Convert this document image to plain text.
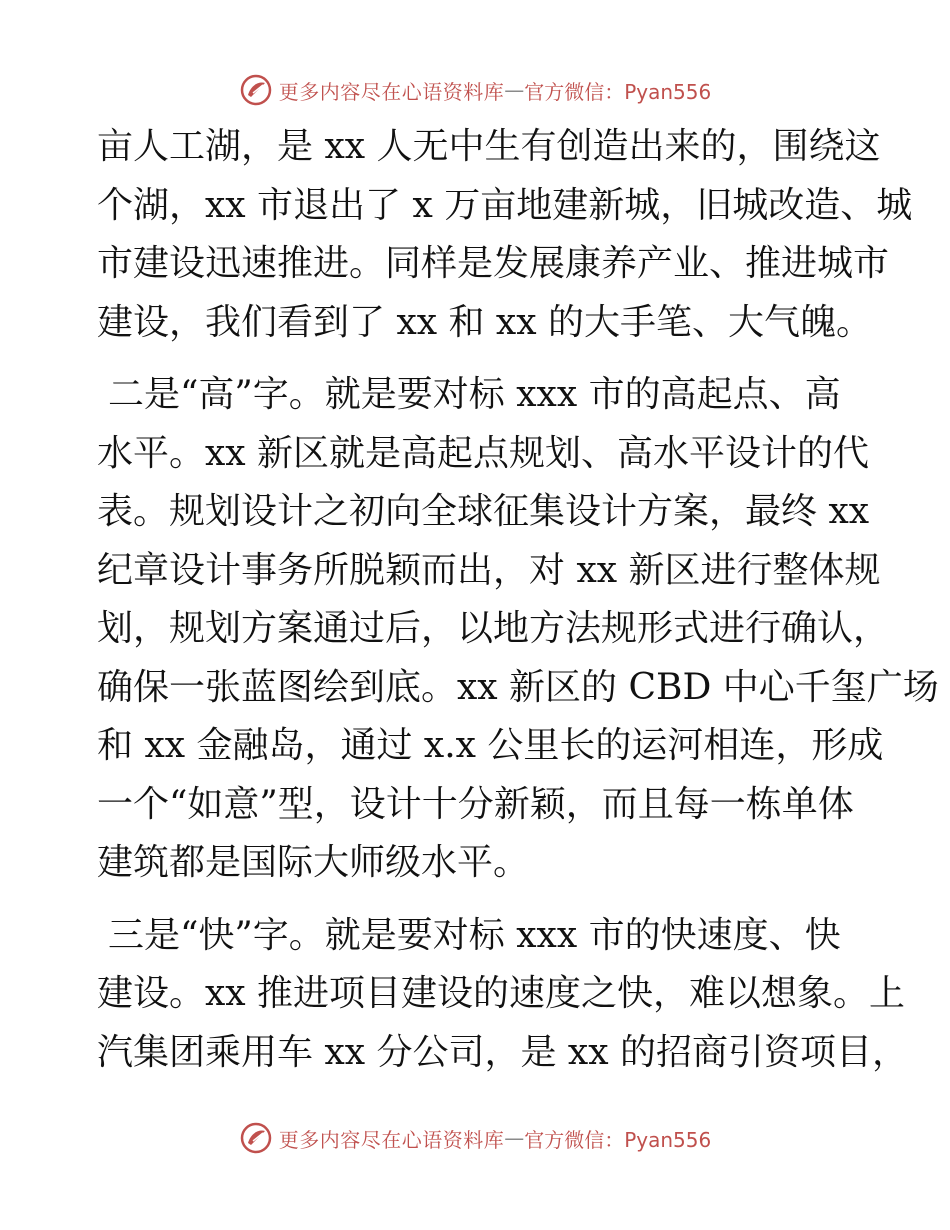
更多内容尽在心语资料库 — 官方微信：Pyan556
亩人工湖，是 xx 人无中生有创造出来的，围绕这
个湖，xx 市退出了 x 万亩地建新城，旧城改造、城
市建设迅速推进。同样是发展康养产业、推进城市
建设，我们看到了 xx 和 xx 的大手笔、大气魄。
二是“高”字。就是要对标 xxx 市的高起点、高
水平。xx 新区就是高起点规划、高水平设计的代
表。规划设计之初向全球征集设计方案，最终 xx
纪章设计事务所脱颖而出，对 xx 新区进行整体规
划，规划方案通过后，以地方法规形式进行确认，
确保一张蓝图绘到底。xx 新区的 CBD 中心千玺广场
和 xx 金融岛，通过 x.x 公里长的运河相连，形成
一个“如意”型，设计十分新颖，而且每一栋单体
建筑都是国际大师级水平。
三是“快”字。就是要对标 xxx 市的快速度、快
建设。xx 推进项目建设的速度之快，难以想象。上
汽集团乘用车 xx 分公司，是 xx 的招商引资项目，
更多内容尽在心语资料库 — 官方微信：Pyan556
